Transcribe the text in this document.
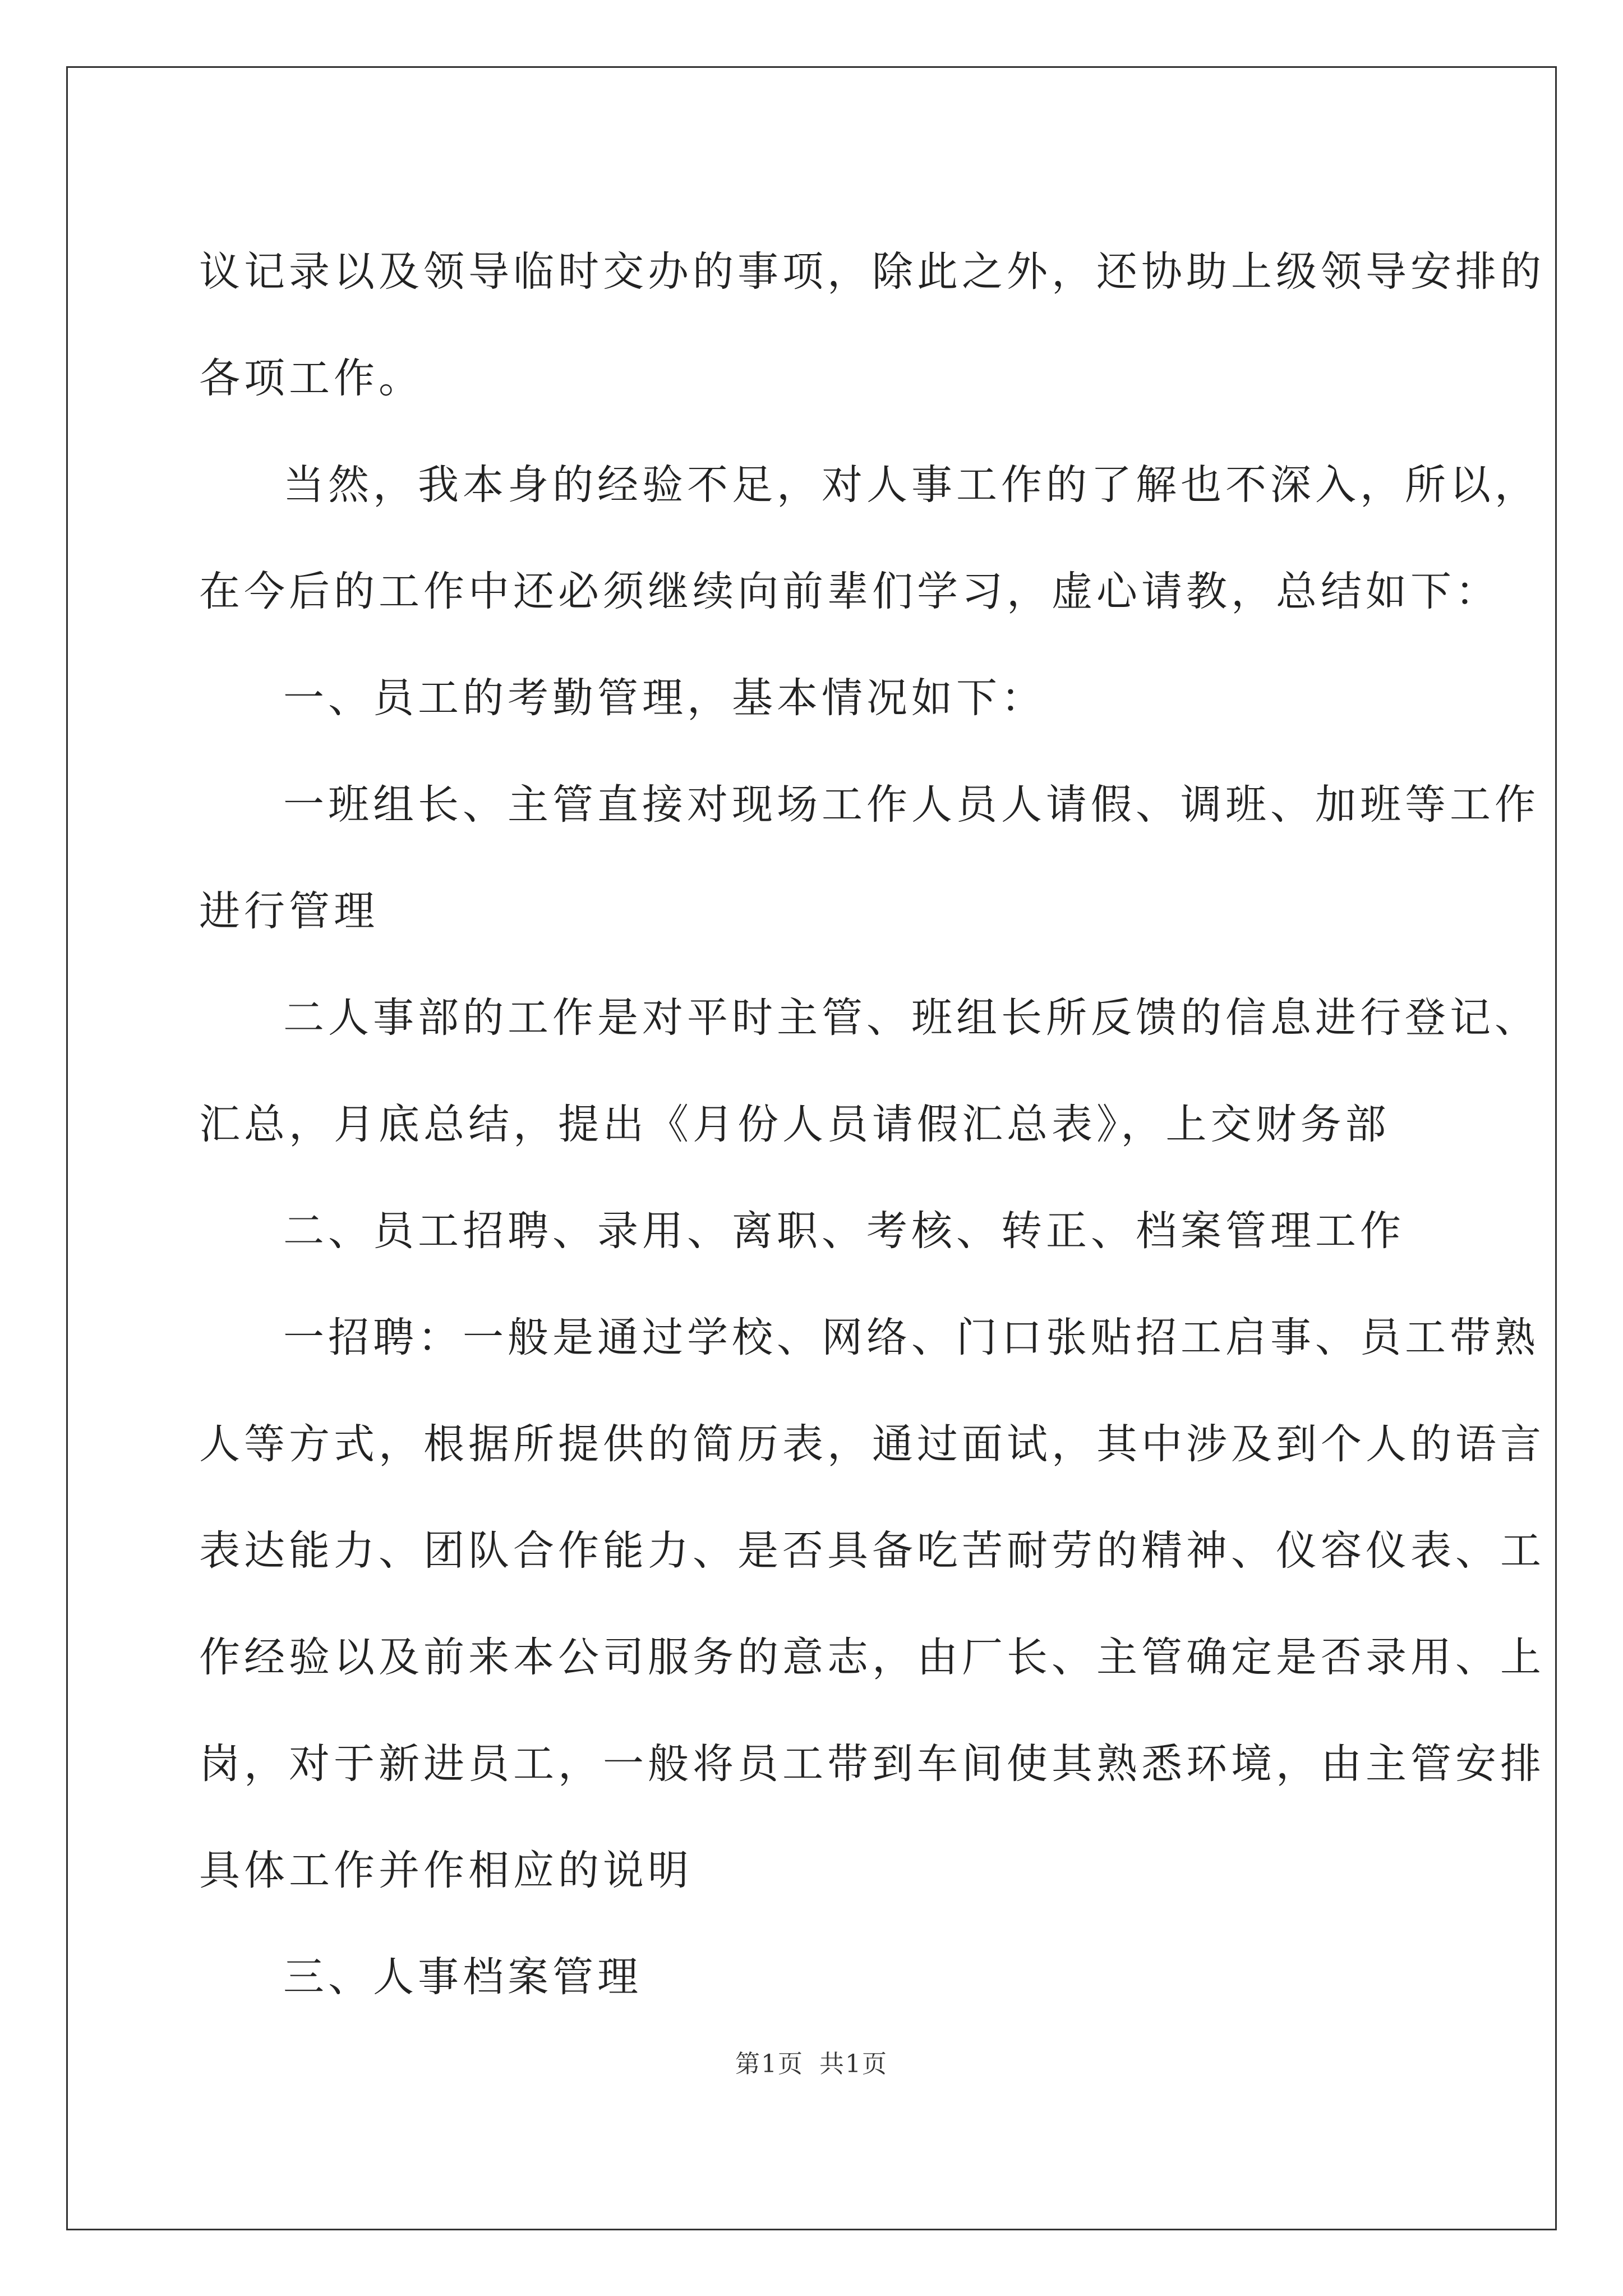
议记录以及领导临时交办的事项，除此之外，还协助上级领导安排的

各项工作。

当然，我本身的经验不足，对人事工作的了解也不深入，所以，

在今后的工作中还必须继续向前辈们学习，虚心请教，总结如下：

一、员工的考勤管理，基本情况如下：

一班组长、主管直接对现场工作人员人请假、调班、加班等工作

进行管理

二人事部的工作是对平时主管、班组长所反馈的信息进行登记、

汇总，月底总结，提出《月份人员请假汇总表》，上交财务部

二、员工招聘、录用、离职、考核、转正、档案管理工作

一招聘：一般是通过学校、网络、门口张贴招工启事、员工带熟

人等方式，根据所提供的简历表，通过面试，其中涉及到个人的语言

表达能力、团队合作能力、是否具备吃苦耐劳的精神、仪容仪表、工

作经验以及前来本公司服务的意志，由厂长、主管确定是否录用、上

岗，对于新进员工，一般将员工带到车间使其熟悉环境，由主管安排

具体工作并作相应的说明

三、人事档案管理

第1页 共1页
